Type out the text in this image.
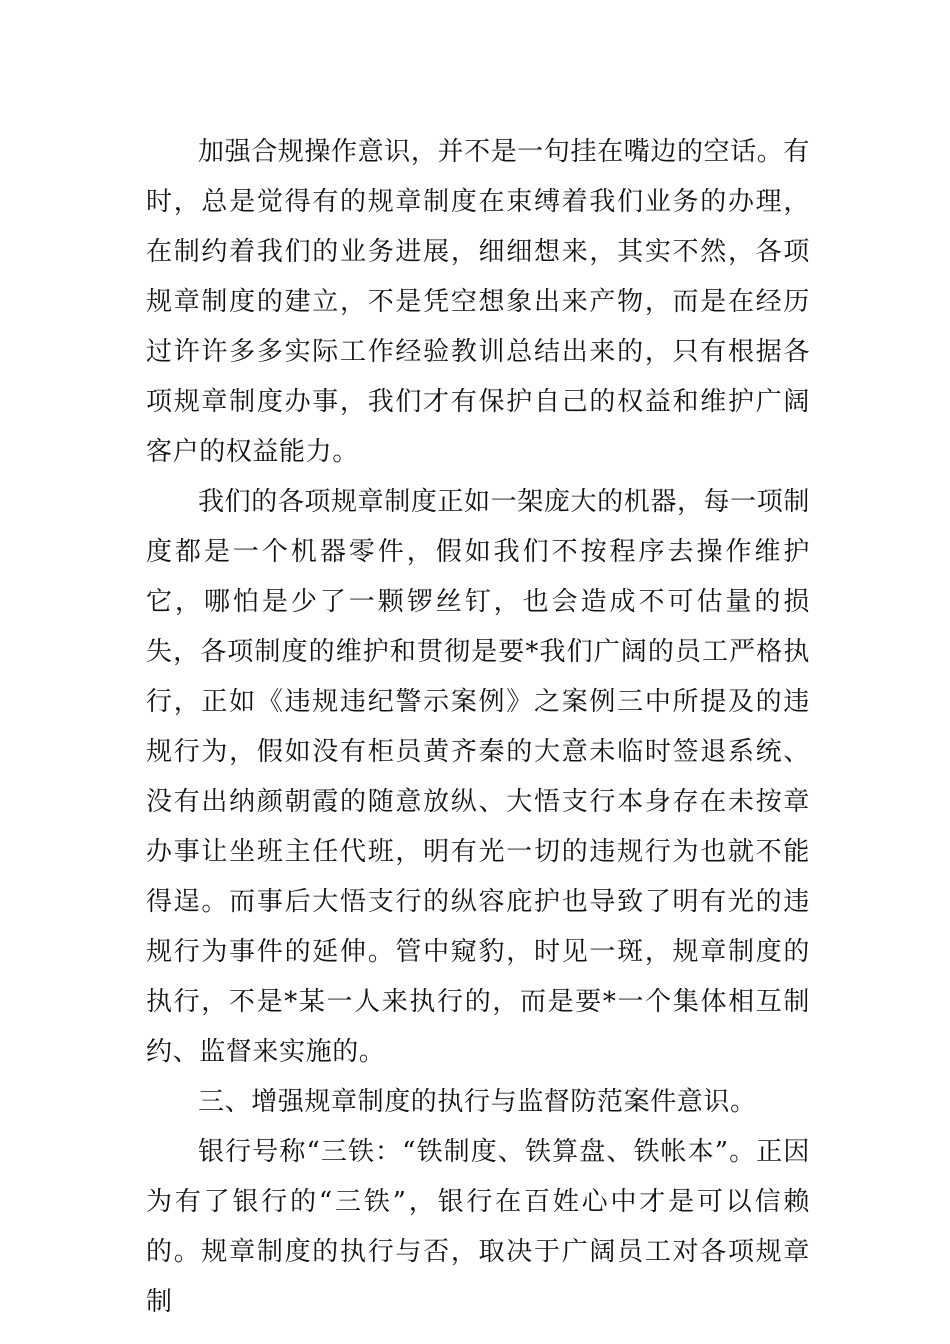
加强合规操作意识，并不是一句挂在嘴边的空话。有时，总是觉得有的规章制度在束缚着我们业务的办理，在制约着我们的业务进展，细细想来，其实不然，各项规章制度的建立，不是凭空想象出来产物，而是在经历过许许多多实际工作经验教训总结出来的，只有根据各项规章制度办事，我们才有保护自己的权益和维护广阔客户的权益能力。

我们的各项规章制度正如一架庞大的机器，每一项制度都是一个机器零件，假如我们不按程序去操作维护它，哪怕是少了一颗锣丝钉，也会造成不可估量的损失，各项制度的维护和贯彻是要*我们广阔的员工严格执行，正如《违规违纪警示案例》之案例三中所提及的违规行为，假如没有柜员黄齐秦的大意未临时签退系统、没有出纳颜朝霞的随意放纵、大悟支行本身存在未按章办事让坐班主任代班，明有光一切的违规行为也就不能得逞。而事后大悟支行的纵容庇护也导致了明有光的违规行为事件的延伸。管中窥豹，时见一斑，规章制度的执行，不是*某一人来执行的，而是要*一个集体相互制约、监督来实施的。

三、增强规章制度的执行与监督防范案件意识。

银行号称“三铁：“铁制度、铁算盘、铁帐本”。正因为有了银行的“三铁”，银行在百姓心中才是可以信赖的。规章制度的执行与否，取决于广阔员工对各项规章制
